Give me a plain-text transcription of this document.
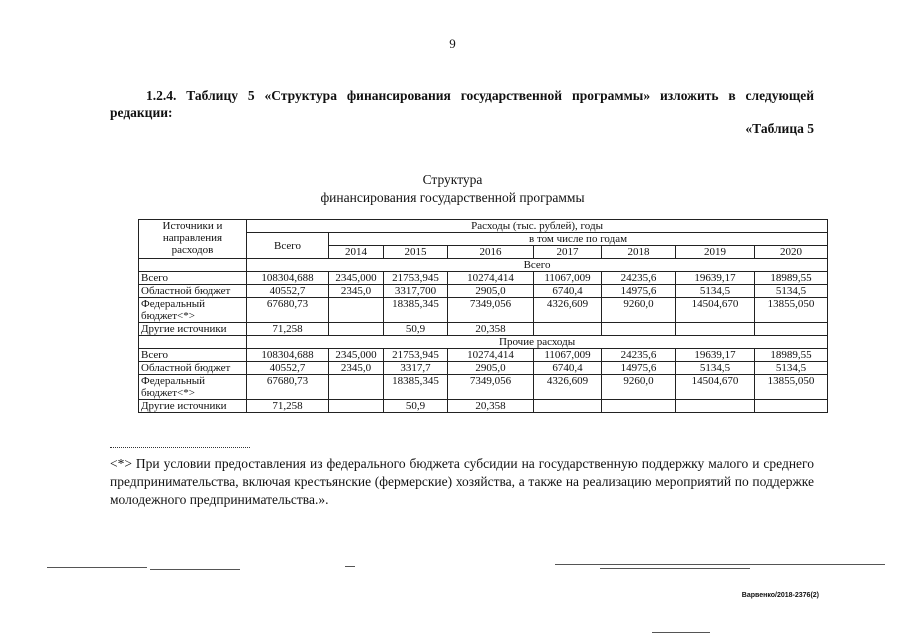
9
1.2.4. Таблицу 5 «Структура финансирования государственной программы» изложить в следующей редакции:
«Таблица 5
Структура
финансирования государственной программы
Источники и направления расходов	Расходы (тыс. рублей), годы							
	Всего	в том числе по годам						
		2014	2015	2016	2017	2018	2019	2020
	Всего							
Всего	108304,688	2345,000	21753,945	10274,414	11067,009	24235,6	19639,17	18989,55
Областной бюджет	40552,7	2345,0	3317,700	2905,0	6740,4	14975,6	5134,5	5134,5
Федеральный бюджет<*>	67680,73		18385,345	7349,056	4326,609	9260,0	14504,670	13855,050
Другие источники	71,258		50,9	20,358				
	Прочие расходы							
Всего	108304,688	2345,000	21753,945	10274,414	11067,009	24235,6	19639,17	18989,55
Областной бюджет	40552,7	2345,0	3317,7	2905,0	6740,4	14975,6	5134,5	5134,5
Федеральный бюджет<*>	67680,73		18385,345	7349,056	4326,609	9260,0	14504,670	13855,050
Другие источники	71,258		50,9	20,358				
<*> При условии предоставления из федерального бюджета субсидии на государственную поддержку малого и среднего предпринимательства, включая крестьянские (фермерские) хозяйства, а также на реализацию мероприятий по поддержке молодежного предпринимательства.».
Варвенко/2018-2376(2)
